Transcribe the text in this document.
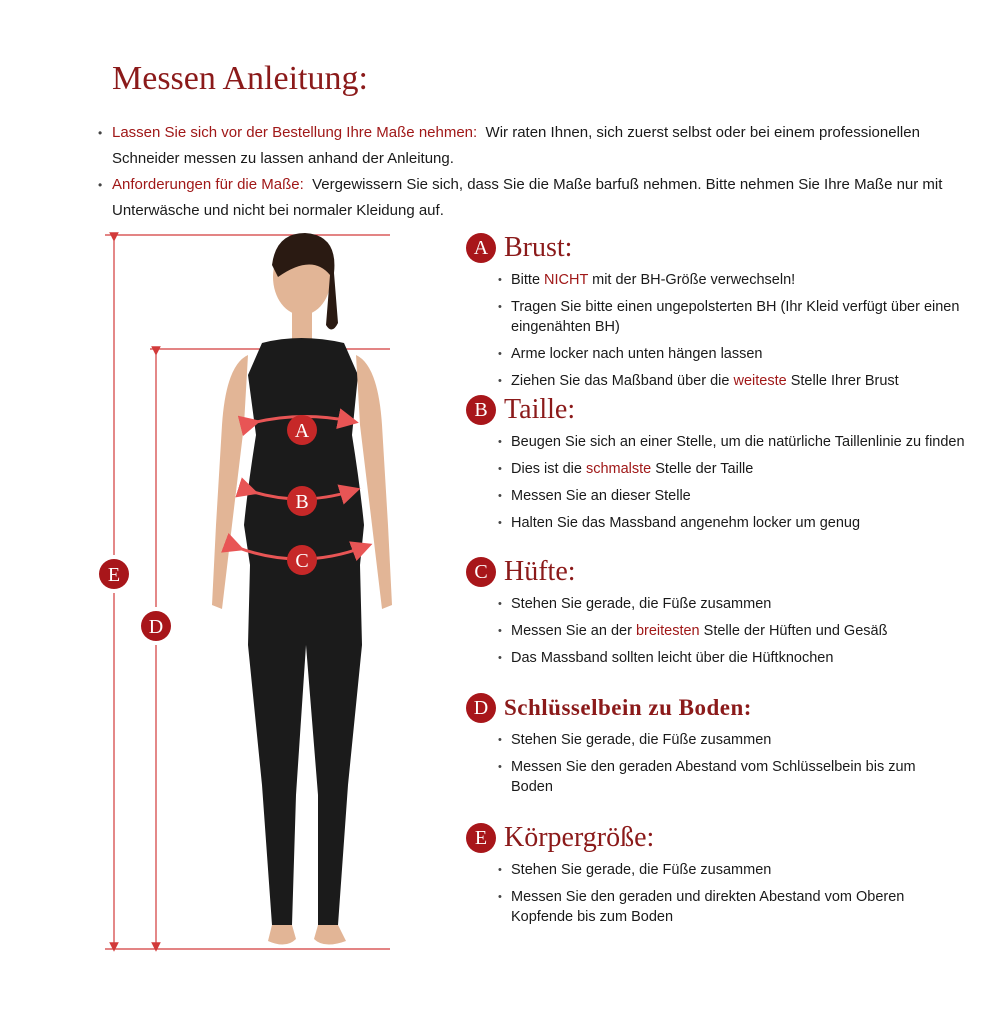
Messen Anleitung:
• Lassen Sie sich vor der Bestellung Ihre Maße nehmen: Wir raten Ihnen, sich zuerst selbst oder bei einem professionellen Schneider messen zu lassen anhand der Anleitung.
• Anforderungen für die Maße: Vergewissern Sie sich, dass Sie die Maße barfuß nehmen. Bitte nehmen Sie Ihre Maße nur mit Unterwäsche und nicht bei normaler Kleidung auf.
A
B
C
E
D
A Brust:
• Bitte NICHT mit der BH-Größe verwechseln!
• Tragen Sie bitte einen ungepolsterten BH (Ihr Kleid verfügt über einen eingenähten BH)
• Arme locker nach unten hängen lassen
• Ziehen Sie das Maßband über die weiteste Stelle Ihrer Brust
B Taille:
• Beugen Sie sich an einer Stelle, um die natürliche Taillenlinie zu finden
• Dies ist die schmalste Stelle der Taille
• Messen Sie an dieser Stelle
• Halten Sie das Massband angenehm locker um genug
C Hüfte:
• Stehen Sie gerade, die Füße zusammen
• Messen Sie an der breitesten Stelle der Hüften und Gesäß
• Das Massband sollten leicht über die Hüftknochen
D Schlüsselbein zu Boden:
• Stehen Sie gerade, die Füße zusammen
• Messen Sie den geraden Abestand vom Schlüsselbein bis zum Boden
E Körpergröße:
• Stehen Sie gerade, die Füße zusammen
• Messen Sie den geraden und direkten Abestand vom Oberen Kopfende bis zum Boden
